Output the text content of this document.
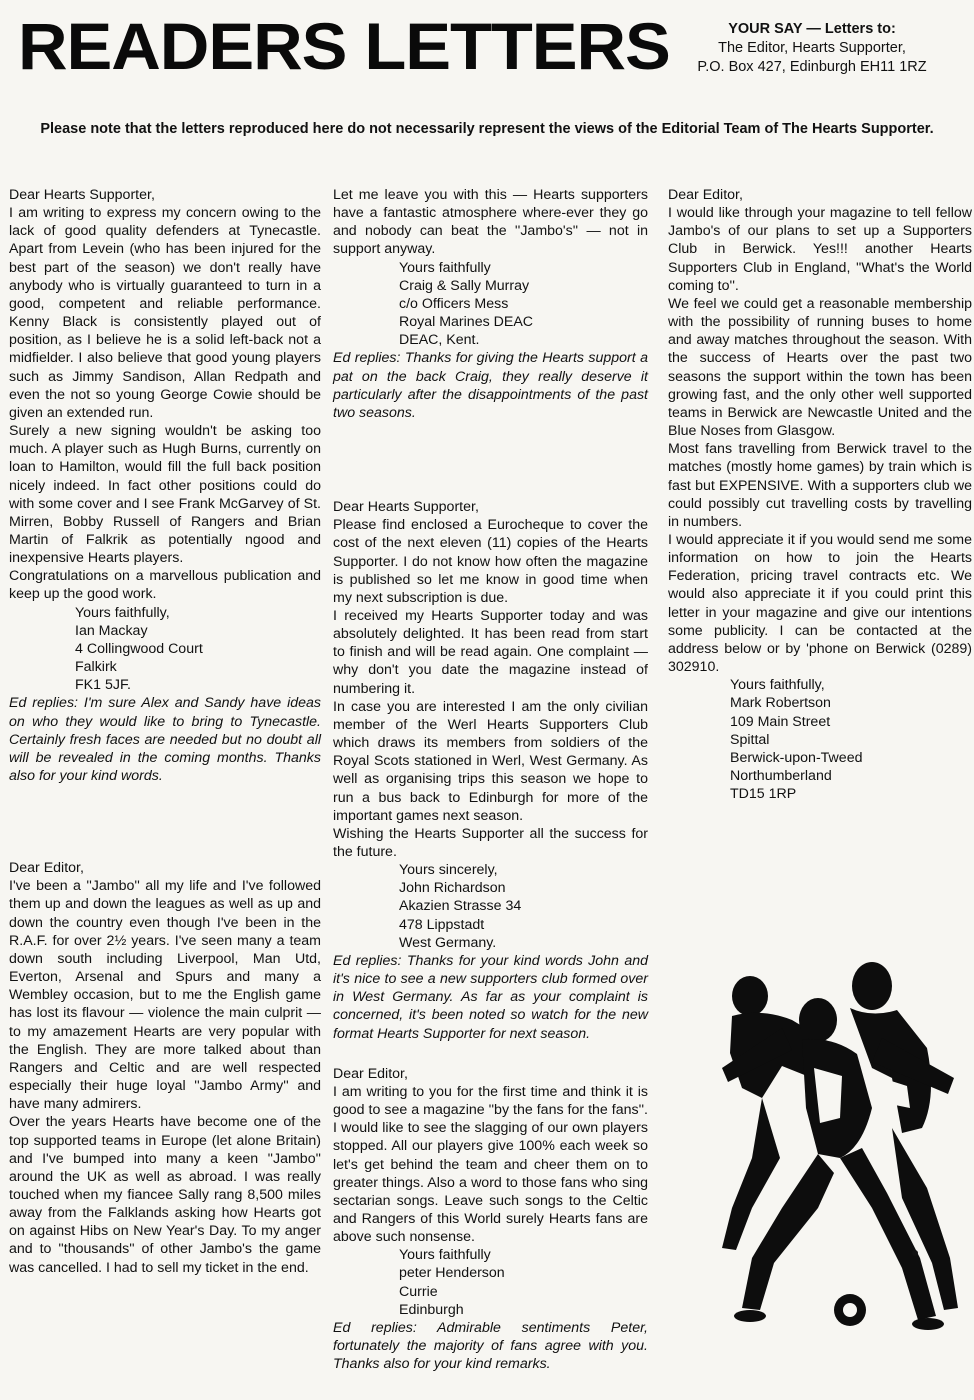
READERS LETTERS	YOUR SAY — Letters to:
The Editor, Hearts Supporter,
P.O. Box 427, Edinburgh EH11 1RZ
Please note that the letters reproduced here do not necessarily represent the views of the Editorial Team of The Hearts Supporter.

Dear Hearts Supporter,

I am writing to express my concern owing to the lack of good quality defenders at Tynecastle. Apart from Levein (who has been injured for the best part of the season) we don't really have anybody who is virtually guaranteed to turn in a good, competent and reliable performance. Kenny Black is consistently played out of position, as I believe he is a solid left-back not a midfielder. I also believe that good young players such as Jimmy Sandison, Allan Redpath and even the not so young George Cowie should be given an extended run.

Surely a new signing wouldn't be asking too much. A player such as Hugh Burns, currently on loan to Hamilton, would fill the full back position nicely indeed. In fact other positions could do with some cover and I see Frank McGarvey of St. Mirren, Bobby Russell of Rangers and Brian Martin of Falkrik as potentially ngood and inexpensive Hearts players.

Congratulations on a marvellous publication and keep up the good work.

Yours faithfully,
Ian Mackay
4 Collingwood Court
Falkirk
FK1 5JF.

Ed replies: I'm sure Alex and Sandy have ideas on who they would like to bring to Tynecastle. Certainly fresh faces are needed but no doubt all will be revealed in the coming months. Thanks also for your kind words.

Dear Editor,

I've been a ''Jambo'' all my life and I've followed them up and down the leagues as well as up and down the country even though I've been in the R.A.F. for over 2½ years. I've seen many a team down south including Liverpool, Man Utd, Everton, Arsenal and Spurs and many a Wembley occasion, but to me the English game has lost its flavour — violence the main culprit — to my amazement Hearts are very popular with the English. They are more talked about than Rangers and Celtic and are well respected especially their huge loyal ''Jambo Army'' and have many admirers.

Over the years Hearts have become one of the top supported teams in Europe (let alone Britain) and I've bumped into many a keen ''Jambo'' around the UK as well as abroad. I was really touched when my fiancee Sally rang 8,500 miles away from the Falklands asking how Hearts got on against Hibs on New Year's Day. To my anger and to ''thousands'' of other Jambo's the game was cancelled. I had to sell my ticket in the end.

Let me leave you with this — Hearts supporters have a fantastic atmosphere where-ever they go and nobody can beat the ''Jambo's'' — not in support anyway.

Yours faithfully
Craig & Sally Murray
c/o Officers Mess
Royal Marines DEAC
DEAC, Kent.

Ed replies: Thanks for giving the Hearts support a pat on the back Craig, they really deserve it particularly after the disappointments of the past two seasons.

Dear Hearts Supporter,

Please find enclosed a Eurocheque to cover the cost of the next eleven (11) copies of the Hearts Supporter. I do not know how often the magazine is published so let me know in good time when my next subscription is due.

I received my Hearts Supporter today and was absolutely delighted. It has been read from start to finish and will be read again. One complaint — why don't you date the magazine instead of numbering it.

In case you are interested I am the only civilian member of the Werl Hearts Supporters Club which draws its members from soldiers of the Royal Scots stationed in Werl, West Germany. As well as organising trips this season we hope to run a bus back to Edinburgh for more of the important games next season.

Wishing the Hearts Supporter all the success for the future.

Yours sincerely,
John Richardson
Akazien Strasse 34
478 Lippstadt
West Germany.

Ed replies: Thanks for your kind words John and it's nice to see a new supporters club formed over in West Germany. As far as your complaint is concerned, it's been noted so watch for the new format Hearts Supporter for next season.

Dear Editor,

I am writing to you for the first time and think it is good to see a magazine ''by the fans for the fans''. I would like to see the slagging of our own players stopped. All our players give 100% each week so let's get behind the team and cheer them on to greater things. Also a word to those fans who sing sectarian songs. Leave such songs to the Celtic and Rangers of this World surely Hearts fans are above such nonsense.

Yours faithfully
peter Henderson
Currie
Edinburgh

Ed replies: Admirable sentiments Peter, fortunately the majority of fans agree with you. Thanks also for your kind remarks.

Dear Editor,

I would like through your magazine to tell fellow Jambo's of our plans to set up a Supporters Club in Berwick. Yes!!! another Hearts Supporters Club in England, ''What's the World coming to''.

We feel we could get a reasonable membership with the possibility of running buses to home and away matches throughout the season. With the success of Hearts over the past two seasons the support within the town has been growing fast, and the only other well supported teams in Berwick are Newcastle United and the Blue Noses from Glasgow.

Most fans travelling from Berwick travel to the matches (mostly home games) by train which is fast but EXPENSIVE. With a supporters club we could possibly cut travelling costs by travelling in numbers.

I would appreciate it if you would send me some information on how to join the Hearts Federation, pricing travel contracts etc. We would also appreciate it if you could print this letter in your magazine and give our intentions some publicity. I can be contacted at the address below or by 'phone on Berwick (0289) 302910.

Yours faithfully,
Mark Robertson
109 Main Street
Spittal
Berwick-upon-Tweed
Northumberland
TD15 1RP
